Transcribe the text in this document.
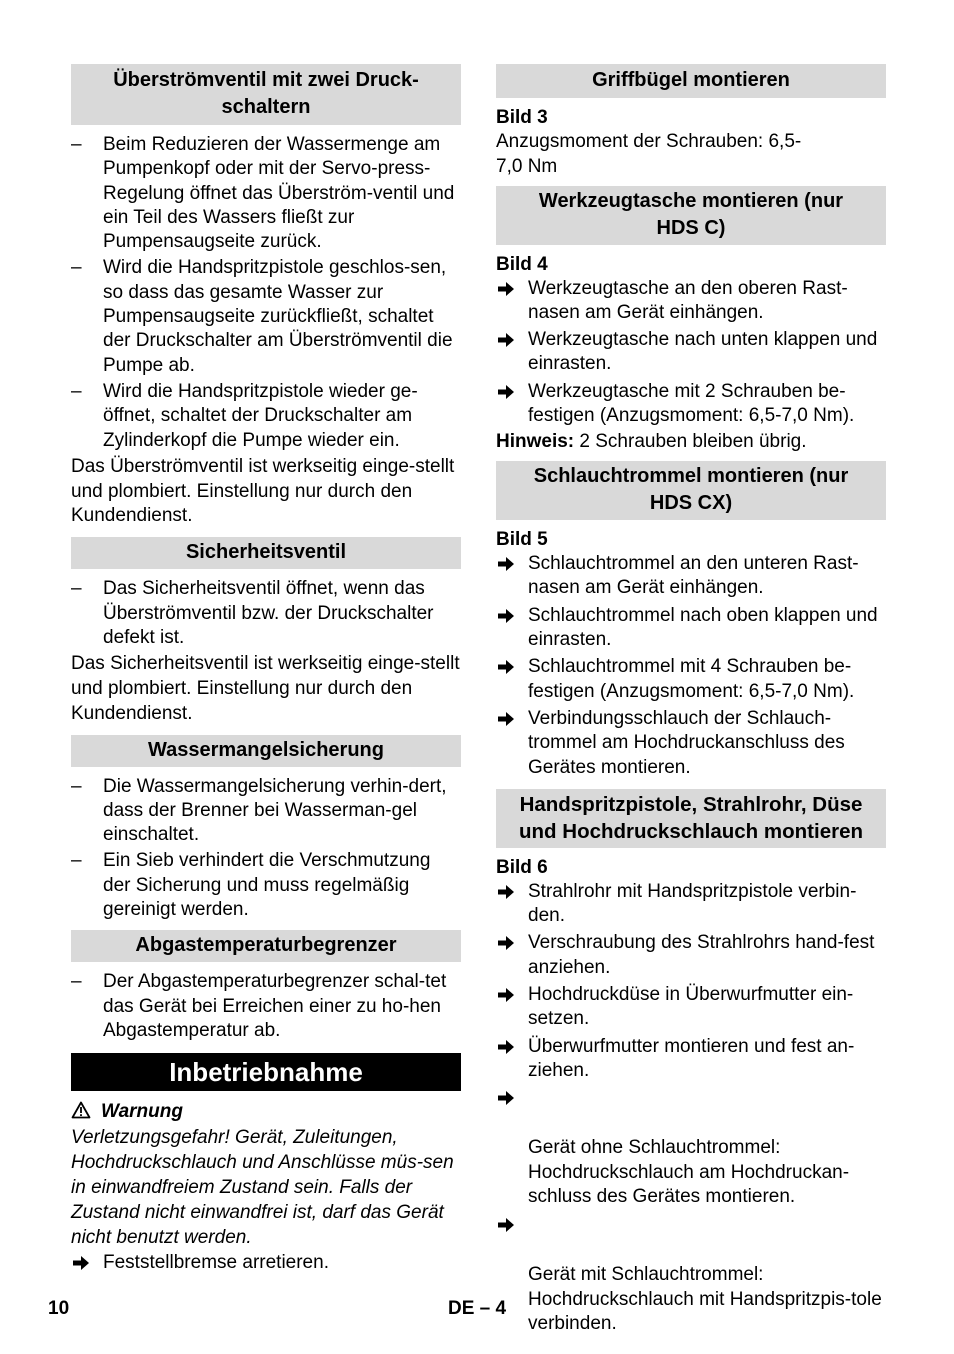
Überströmventil mit zwei Druck-
schaltern
– Beim Reduzieren der Wassermenge am Pumpenkopf oder mit der Servo-press-Regelung öffnet das Überström-ventil und ein Teil des Wassers fließt zur Pumpensaugseite zurück.
– Wird die Handspritzpistole geschlos-sen, so dass das gesamte Wasser zur Pumpensaugseite zurückfließt, schaltet der Druckschalter am Überströmventil die Pumpe ab.
– Wird die Handspritzpistole wieder ge-öffnet, schaltet der Druckschalter am Zylinderkopf die Pumpe wieder ein.

Das Überströmventil ist werkseitig einge-stellt und plombiert. Einstellung nur durch den Kundendienst.

Sicherheitsventil
– Das Sicherheitsventil öffnet, wenn das Überströmventil bzw. der Druckschalter defekt ist.

Das Sicherheitsventil ist werkseitig einge-stellt und plombiert. Einstellung nur durch den Kundendienst.

Wassermangelsicherung
– Die Wassermangelsicherung verhin-dert, dass der Brenner bei Wasserman-gel einschaltet.
– Ein Sieb verhindert die Verschmutzung der Sicherung und muss regelmäßig gereinigt werden.
Abgastemperaturbegrenzer
– Der Abgastemperaturbegrenzer schal-tet das Gerät bei Erreichen einer zu ho-hen Abgastemperatur ab.
Inbetriebnahme
Warnung

Verletzungsgefahr! Gerät, Zuleitungen, Hochdruckschlauch und Anschlüsse müs-sen in einwandfreiem Zustand sein. Falls der Zustand nicht einwandfrei ist, darf das Gerät nicht benutzt werden.

Feststellbremse arretieren.
Griffbügel montieren
Bild 3

Anzugsmoment der Schrauben: 6,5-
7,0 Nm

Werkzeugtasche montieren (nur
HDS C)
Bild 4
Werkzeugtasche an den oberen Rast-nasen am Gerät einhängen.
Werkzeugtasche nach unten klappen und einrasten.
Werkzeugtasche mit 2 Schrauben be-festigen (Anzugsmoment: 6,5-7,0 Nm).

Hinweis: 2 Schrauben bleiben übrig.

Schlauchtrommel montieren (nur
HDS CX)
Bild 5
Schlauchtrommel an den unteren Rast-nasen am Gerät einhängen.
Schlauchtrommel nach oben klappen und einrasten.
Schlauchtrommel mit 4 Schrauben be-festigen (Anzugsmoment: 6,5-7,0 Nm).
Verbindungsschlauch der Schlauch-trommel am Hochdruckanschluss des Gerätes montieren.
Handspritzpistole, Strahlrohr, Düse
und Hochdruckschlauch montieren
Bild 6
Strahlrohr mit Handspritzpistole verbin-den.
Verschraubung des Strahlrohrs hand-fest anziehen.
Hochdruckdüse in Überwurfmutter ein-setzen.
Überwurfmutter montieren und fest an-ziehen.

Gerät ohne Schlauchtrommel:
Hochdruckschlauch am Hochdruckan-schluss des Gerätes montieren.

Gerät mit Schlauchtrommel:
Hochdruckschlauch mit Handspritzpis-tole verbinden.

10	DE – 4
